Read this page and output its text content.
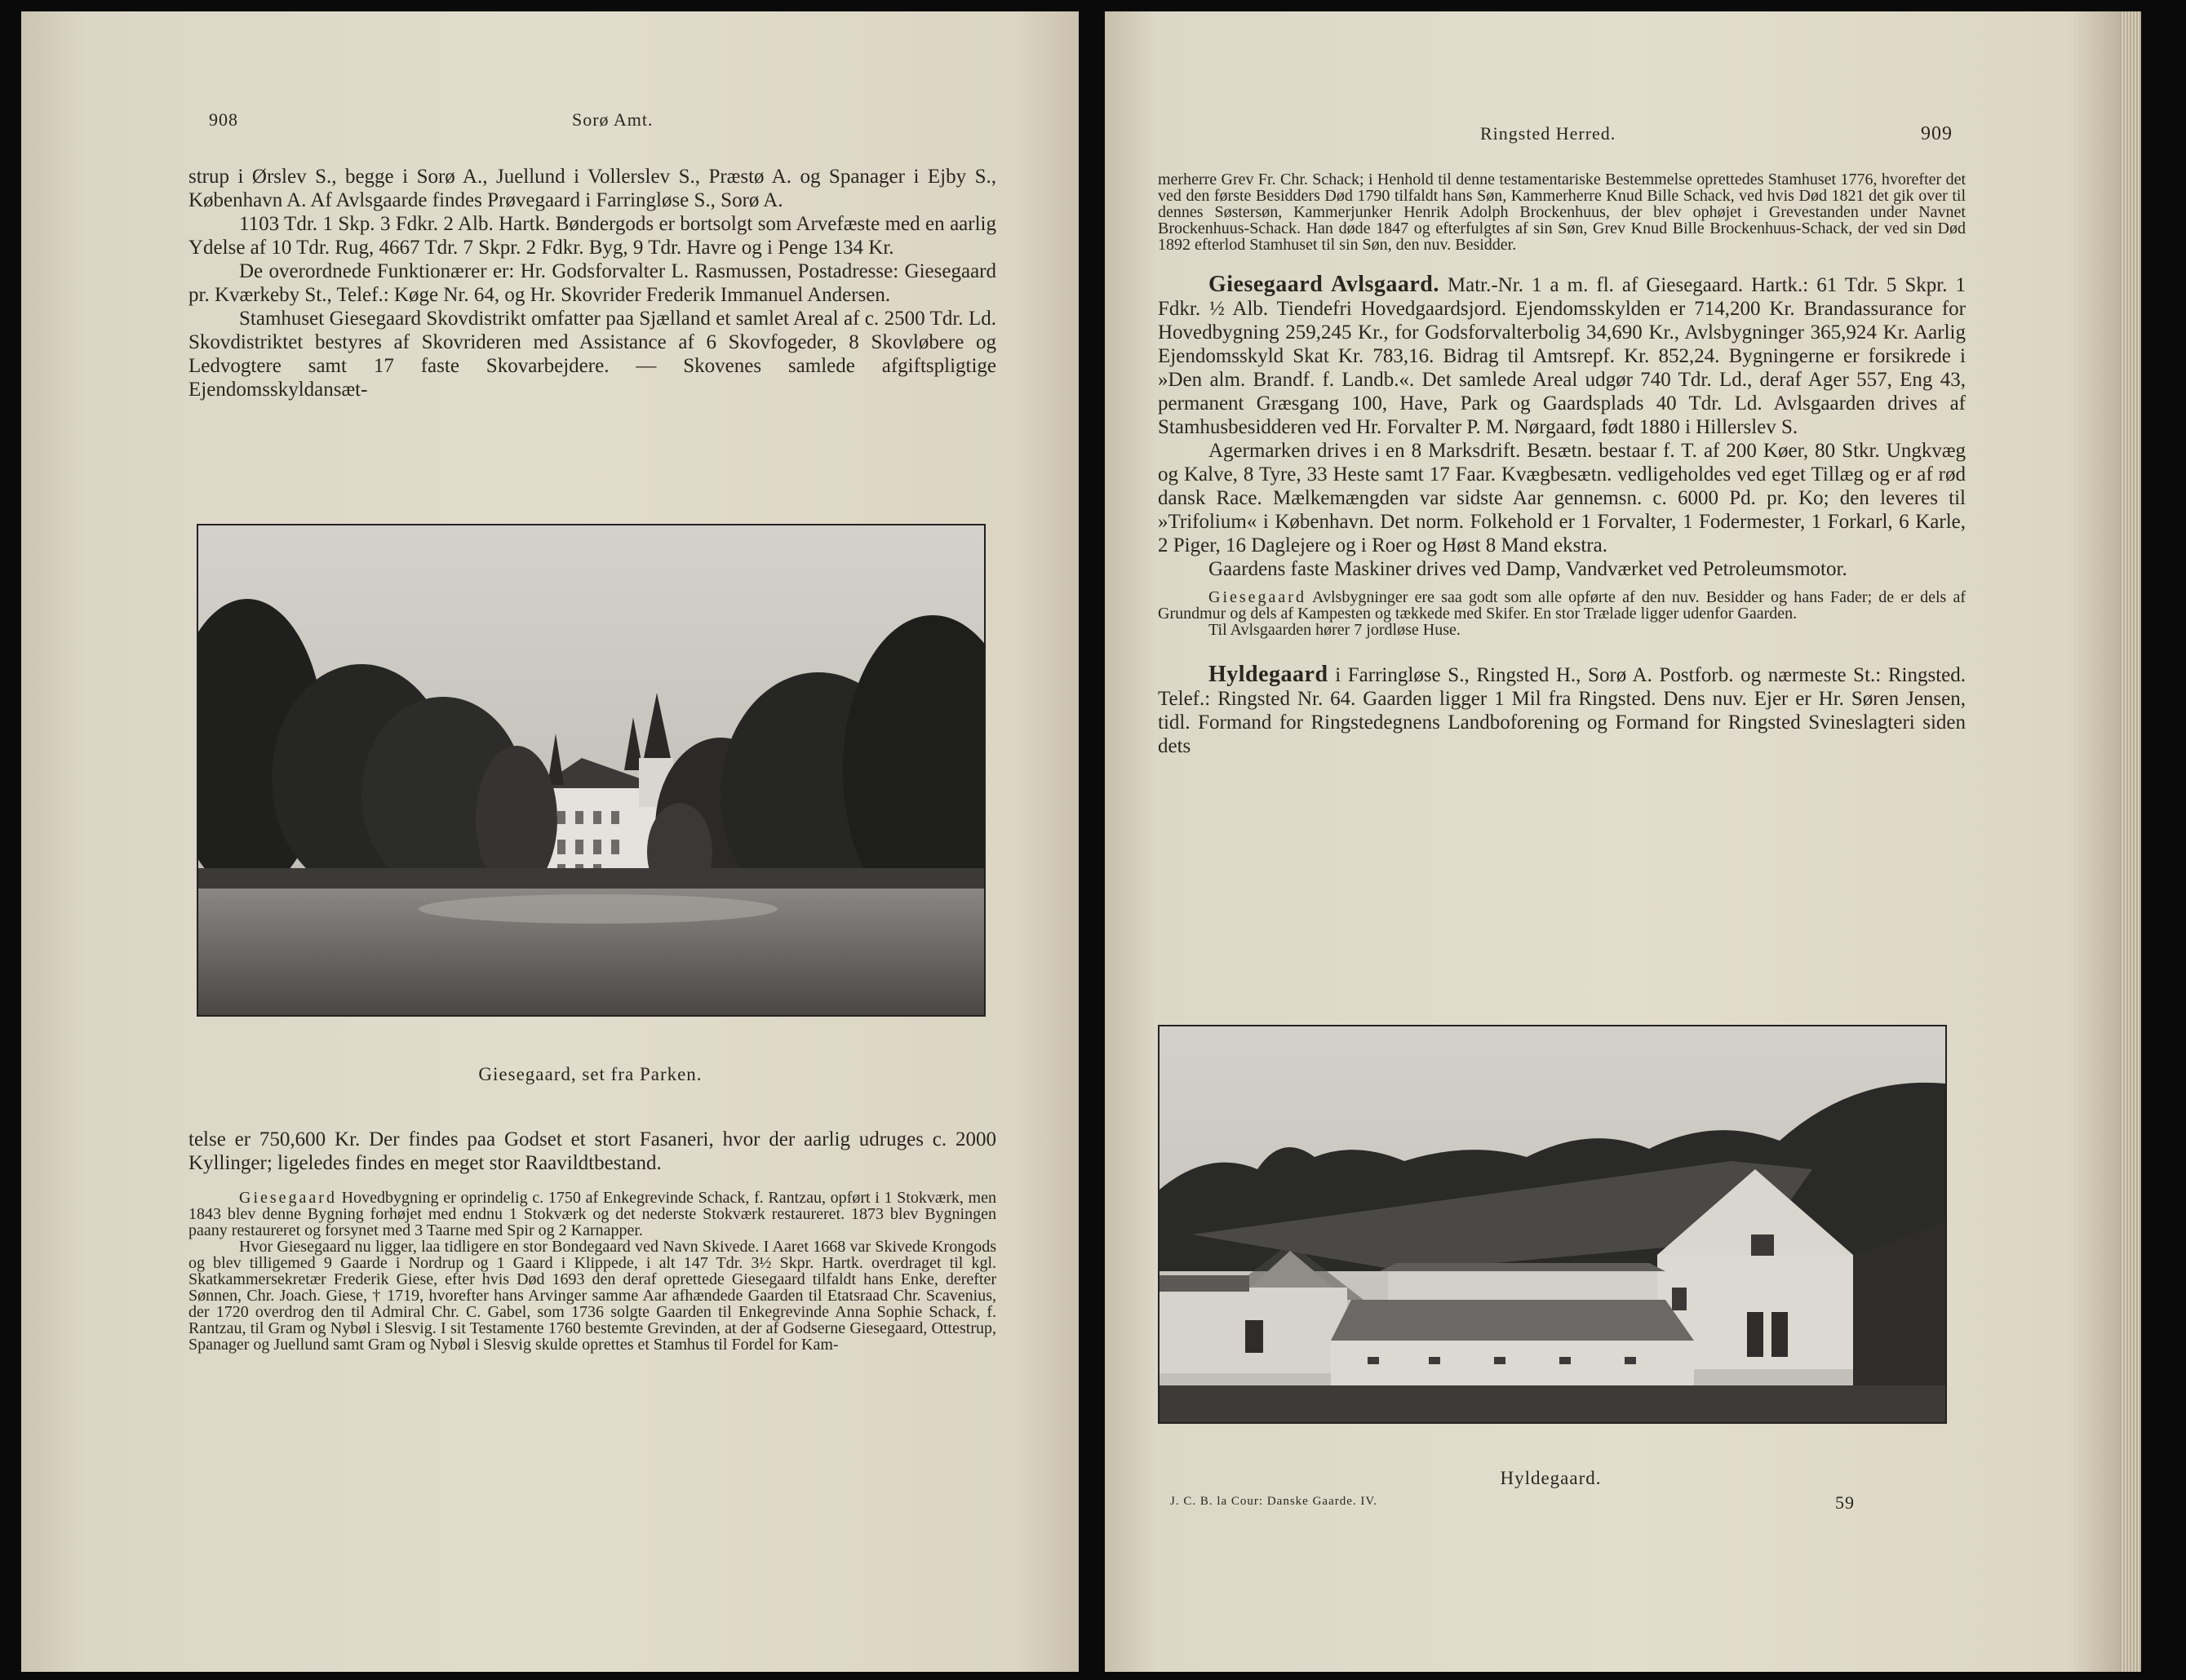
908	Sorø Amt.

strup i Ørslev S., begge i Sorø A., Juellund i Vollerslev S., Præstø A. og Spanager i Ejby S., København A. Af Avlsgaarde findes Prøvegaard i Farringløse S., Sorø A.

1103 Tdr. 1 Skp. 3 Fdkr. 2 Alb. Hartk. Bøndergods er bortsolgt som Arvefæste med en aarlig Ydelse af 10 Tdr. Rug, 4667 Tdr. 7 Skpr. 2 Fdkr. Byg, 9 Tdr. Havre og i Penge 134 Kr.

De overordnede Funktionærer er: Hr. Godsforvalter L. Rasmussen, Postadresse: Giesegaard pr. Kværkeby St., Telef.: Køge Nr. 64, og Hr. Skovrider Frederik Immanuel Andersen.

Stamhuset Giesegaard Skovdistrikt omfatter paa Sjælland et samlet Areal af c. 2500 Tdr. Ld. Skovdistriktet bestyres af Skovrideren med Assistance af 6 Skovfogeder, 8 Skovløbere og Ledvogtere samt 17 faste Skovarbejdere. — Skovenes samlede afgiftspligtige Ejendomsskyldansæt-

Giesegaard, set fra Parken.

telse er 750,600 Kr. Der findes paa Godset et stort Fasaneri, hvor der aarlig udruges c. 2000 Kyllinger; ligeledes findes en meget stor Raavildtbestand.

Giesegaard Hovedbygning er oprindelig c. 1750 af Enkegrevinde Schack, f. Rantzau, opført i 1 Stokværk, men 1843 blev denne Bygning forhøjet med endnu 1 Stokværk og det nederste Stokværk restaureret. 1873 blev Bygningen paany restaureret og forsynet med 3 Taarne med Spir og 2 Karnapper.

Hvor Giesegaard nu ligger, laa tidligere en stor Bondegaard ved Navn Skivede. I Aaret 1668 var Skivede Krongods og blev tilligemed 9 Gaarde i Nordrup og 1 Gaard i Klippede, i alt 147 Tdr. 3½ Skpr. Hartk. overdraget til kgl. Skatkammersekretær Frederik Giese, efter hvis Død 1693 den deraf oprettede Giesegaard tilfaldt hans Enke, derefter Sønnen, Chr. Joach. Giese, † 1719, hvorefter hans Arvinger samme Aar afhændede Gaarden til Etatsraad Chr. Scavenius, der 1720 overdrog den til Admiral Chr. C. Gabel, som 1736 solgte Gaarden til Enkegrevinde Anna Sophie Schack, f. Rantzau, til Gram og Nybøl i Slesvig. I sit Testamente 1760 bestemte Grevinden, at der af Godserne Giesegaard, Ottestrup, Spanager og Juellund samt Gram og Nybøl i Slesvig skulde oprettes et Stamhus til Fordel for Kam-

Ringsted Herred.	909

merherre Grev Fr. Chr. Schack; i Henhold til denne testamentariske Bestemmelse oprettedes Stamhuset 1776, hvorefter det ved den første Besidders Død 1790 tilfaldt hans Søn, Kammerherre Knud Bille Schack, ved hvis Død 1821 det gik over til dennes Søstersøn, Kammerjunker Henrik Adolph Brockenhuus, der blev ophøjet i Grevestanden under Navnet Brockenhuus-Schack. Han døde 1847 og efterfulgtes af sin Søn, Grev Knud Bille Brockenhuus-Schack, der ved sin Død 1892 efterlod Stamhuset til sin Søn, den nuv. Besidder.

Giesegaard Avlsgaard. Matr.-Nr. 1 a m. fl. af Giesegaard. Hartk.: 61 Tdr. 5 Skpr. 1 Fdkr. ½ Alb. Tiendefri Hovedgaardsjord. Ejendomsskylden er 714,200 Kr. Brandassurance for Hovedbygning 259,245 Kr., for Godsforvalterbolig 34,690 Kr., Avlsbygninger 365,924 Kr. Aarlig Ejendomsskyld Skat Kr. 783,16. Bidrag til Amtsrepf. Kr. 852,24. Bygningerne er forsikrede i »Den alm. Brandf. f. Landb.«. Det samlede Areal udgør 740 Tdr. Ld., deraf Ager 557, Eng 43, permanent Græsgang 100, Have, Park og Gaardsplads 40 Tdr. Ld. Avlsgaarden drives af Stamhusbesidderen ved Hr. Forvalter P. M. Nørgaard, født 1880 i Hillerslev S.

Agermarken drives i en 8 Marksdrift. Besætn. bestaar f. T. af 200 Køer, 80 Stkr. Ungkvæg og Kalve, 8 Tyre, 33 Heste samt 17 Faar. Kvægbesætn. vedligeholdes ved eget Tillæg og er af rød dansk Race. Mælkemængden var sidste Aar gennemsn. c. 6000 Pd. pr. Ko; den leveres til »Trifolium« i København. Det norm. Folkehold er 1 Forvalter, 1 Fodermester, 1 Forkarl, 6 Karle, 2 Piger, 16 Daglejere og i Roer og Høst 8 Mand ekstra.

Gaardens faste Maskiner drives ved Damp, Vandværket ved Petroleumsmotor.

Giesegaard Avlsbygninger ere saa godt som alle opførte af den nuv. Besidder og hans Fader; de er dels af Grundmur og dels af Kampesten og tækkede med Skifer. En stor Trælade ligger udenfor Gaarden.

Til Avlsgaarden hører 7 jordløse Huse.

Hyldegaard i Farringløse S., Ringsted H., Sorø A. Postforb. og nærmeste St.: Ringsted. Telef.: Ringsted Nr. 64. Gaarden ligger 1 Mil fra Ringsted. Dens nuv. Ejer er Hr. Søren Jensen, tidl. Formand for Ringstedegnens Landboforening og Formand for Ringsted Svineslagteri siden dets

Hyldegaard.
J. C. B. la Cour: Danske Gaarde. IV.	59
